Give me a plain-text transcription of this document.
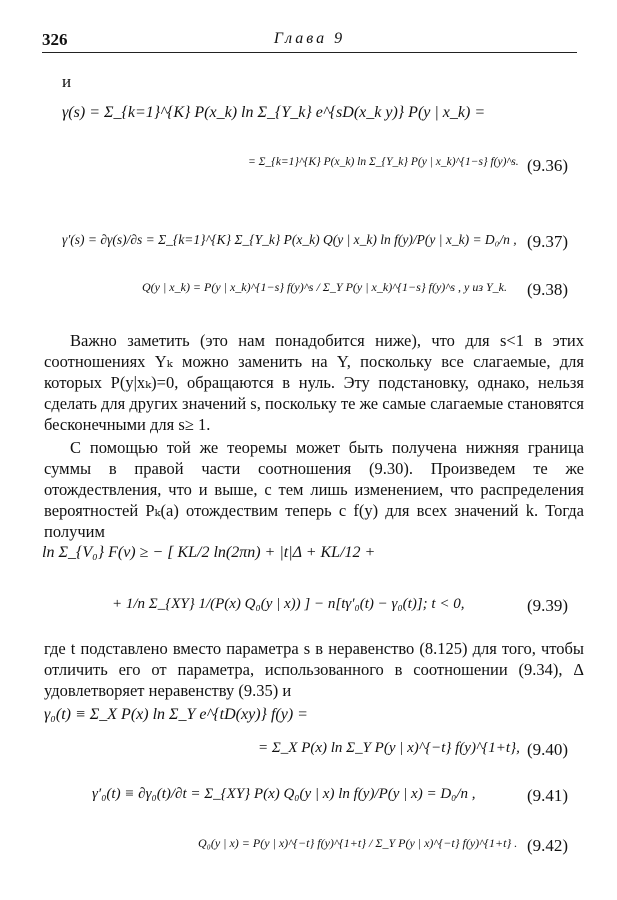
326	Глава 9
и
γ(s) = Σ_{k=1}^{K} P(x_k) ln Σ_{Y_k} e^{sD(x_k y)} P(y | x_k) =
= Σ_{k=1}^{K} P(x_k) ln Σ_{Y_k} P(y | x_k)^{1−s} f(y)^s. (9.36)
γ′(s) = ∂γ(s)/∂s = Σ_{k=1}^{K} Σ_{Y_k} P(x_k) Q(y | x_k) ln f(y)/P(y | x_k) = D₀/n , (9.37)
Q(y | x_k) = P(y | x_k)^{1−s} f(y)^s / Σ_Y P(y | x_k)^{1−s} f(y)^s , y из Y_k. (9.38)

Важно заметить (это нам понадобится ниже), что для s<1 в этих соотношениях Yₖ можно заменить на Y, поскольку все слагаемые, для которых P(y|xₖ)=0, обращаются в нуль. Эту подстановку, однако, нельзя сделать для других значений s, поскольку те же самые слагаемые становятся бесконечными для s≥ 1.

С помощью той же теоремы может быть получена нижняя граница суммы в правой части соотношения (9.30). Произведем те же отождествления, что и выше, с тем лишь изменением, что распределения вероятностей Pₖ(a) отождествим теперь с f(y) для всех значений k. Тогда получим

ln Σ_{V₀} F(v) ≥ − [ KL/2 ln(2πn) + |t|Δ + KL/12 +
+ 1/n Σ_{XY} 1/(P(x) Q₀(y | x)) ] − n[tγ′₀(t) − γ₀(t)]; t < 0,	(9.39)

где t подставлено вместо параметра s в неравенство (8.125) для того, чтобы отличить его от параметра, использованного в соотношении (9.34), Δ удовлетворяет неравенству (9.35) и

γ₀(t) ≡ Σ_X P(x) ln Σ_Y e^{tD(xy)} f(y) =
= Σ_X P(x) ln Σ_Y P(y | x)^{−t} f(y)^{1+t}, (9.40)
γ′₀(t) ≡ ∂γ₀(t)/∂t = Σ_{XY} P(x) Q₀(y | x) ln f(y)/P(y | x) = D₀/n ,	(9.41)
Q₀(y | x) = P(y | x)^{−t} f(y)^{1+t} / Σ_Y P(y | x)^{−t} f(y)^{1+t} . (9.42)
